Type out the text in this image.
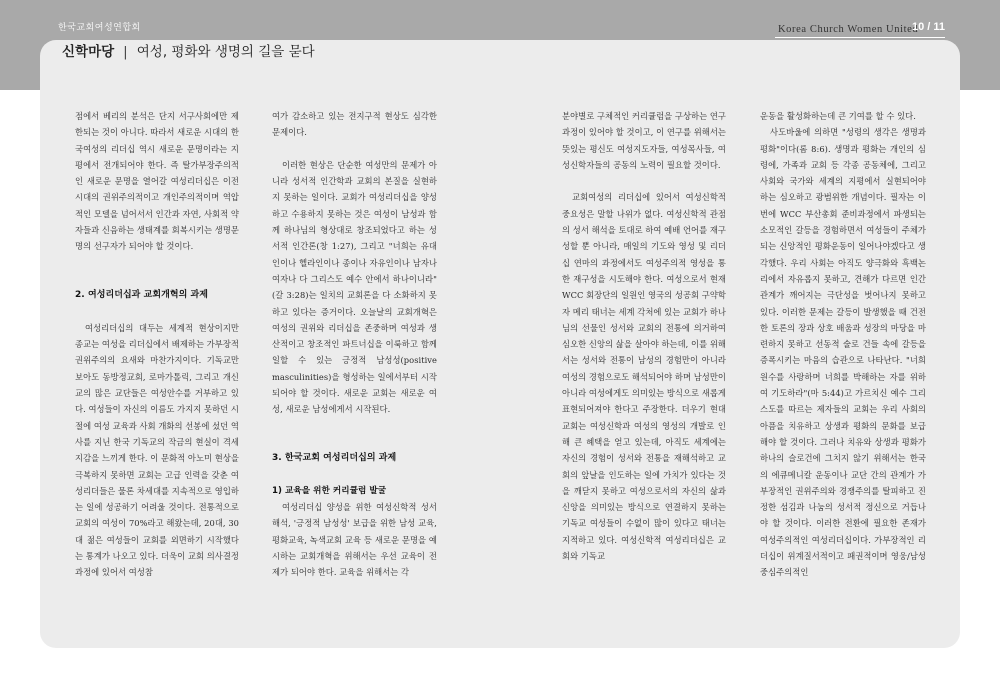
한국교회여성연합회	Korea Church Women United
10 / 11
신학마당 | 여성, 평화와 생명의 길을 묻다

점에서 베리의 분석은 단지 서구사회에만 제한되는 것이 아니다. 따라서 새로운 시대의 한국여성의 리더십 역시 새로운 문명이라는 지평에서 전개되어야 한다. 즉 탈가부장주의적인 새로운 문명을 열어갈 여성리더십은 이전 시대의 권위주의적이고 개인주의적이며 역압적인 모델을 넘어서서 인간과 자연, 사회적 약자들과 신음하는 생태계를 회복시키는 생명문명의 선구자가 되어야 할 것이다.

2. 여성리더십과 교회개혁의 과제

여성리더십의 대두는 세계적 현상이지만 종교는 여성을 리더십에서 배제하는 가부장적 권위주의의 요새와 마찬가지이다. 기독교만 보아도 동방정교회, 로마가톨릭, 그리고 개신교의 많은 교단들은 여성안수를 거부하고 있다. 여성들이 자신의 이름도 가지지 못하던 시절에 여성 교육과 사회 개화의 선봉에 섰던 역사를 지닌 한국 기독교의 작금의 현실이 격세지감을 느끼게 한다. 이 문화적 아노미 현상을 극복하지 못하면 교회는 고급 인력을 갖춘 여성리더들은 물론 차세대를 지속적으로 영입하는 일에 성공하기 어려울 것이다. 전통적으로 교회의 여성이 70%라고 해왔는데, 20대, 30대 젊은 여성들이 교회를 외면하기 시작했다는 통계가 나오고 있다. 더욱이 교회 의사결정 과정에 있어서 여성참

여가 감소하고 있는 전지구적 현상도 심각한 문제이다.

이러한 현상은 단순한 여성만의 문제가 아니라 성서적 인간학과 교회의 본질을 실현하지 못하는 일이다. 교회가 여성리더십을 양성하고 수용하지 못하는 것은 여성이 남성과 함께 하나님의 형상대로 창조되었다고 하는 성서적 인간론(창 1:27), 그리고 "너희는 유대인이나 헬라인이나 종이나 자유인이나 남자나 여자나 다 그리스도 예수 안에서 하나이니라"(갈 3:28)는 일치의 교회론을 다 소화하지 못하고 있다는 증거이다. 오늘날의 교회개혁은 여성의 권위와 리더십을 존중하며 여성과 생산적이고 창조적인 파트너십을 이룩하고 함께 일할 수 있는 긍정적 남성성(positive masculinities)을 형성하는 일에서부터 시작되어야 할 것이다. 새로운 교회는 새로운 여성, 새로운 남성에게서 시작된다.

3. 한국교회 여성리더십의 과제

1) 교육을 위한 커리큘럼 발굴

여성리더십 양성을 위한 여성신학적 성서해석, '긍정적 남성성' 보급을 위한 남성 교육, 평화교육, 녹색교회 교육 등 새로운 문명을 예시하는 교회개혁을 위해서는 우선 교육이 전제가 되어야 한다. 교육을 위해서는 각

분야별로 구체적인 커리큘럼을 구상하는 연구 과정이 있어야 할 것이고, 이 연구를 위해서는 뜻있는 평신도 여성지도자들, 여성목사들, 여성신학자들의 공동의 노력이 필요할 것이다.

교회여성의 리더십에 있어서 여성신학적 중요성은 말할 나위가 없다. 여성신학적 관점의 성서 해석을 토대로 하여 예배 언어를 재구성할 뿐 아니라, 매일의 기도와 영성 및 리더십 연마의 과정에서도 여성주의적 영성을 통한 재구성을 시도해야 한다. 여성으로서 현재 WCC 회장단의 일원인 영국의 성공회 구약학자 메리 태너는 세계 각처에 있는 교회가 하나님의 선물인 성서와 교회의 전통에 의거하여 심오한 신앙의 삶을 살아야 하는데, 이를 위해서는 성서와 전통이 남성의 경험만이 아니라 여성의 경험으로도 해석되어야 하며 남성만이 아니라 여성에게도 의미있는 방식으로 새롭게 표현되어져야 한다고 주장한다. 더우기 현대 교회는 여성신학과 여성의 영성의 개발로 인해 큰 혜택을 얻고 있는데, 아직도 세계에는 자신의 경험이 성서와 전통을 재해석하고 교회의 앞날을 인도하는 일에 가치가 있다는 것을 깨닫지 못하고 여성으로서의 자신의 삶과 신앙을 의미있는 방식으로 연결하지 못하는 기독교 여성들이 수없이 많이 있다고 태너는 지적하고 있다. 여성신학적 여성리더십은 교회와 기독교

운동을 활성화하는데 큰 기여를 할 수 있다.

사도바울에 의하면 "성령의 생각은 생명과 평화"이다(롬 8:6). 생명과 평화는 개인의 심령에, 가족과 교회 등 각종 공동체에, 그리고 사회와 국가와 세계의 지평에서 실현되어야 하는 심오하고 광범위한 개념이다. 필자는 이번에 WCC 부산총회 준비과정에서 파생되는 소모적인 갈등을 경험하면서 여성들이 주체가 되는 신앙적인 평화운동이 일어나야겠다고 생각했다. 우리 사회는 아직도 양극화와 흑백논리에서 자유롭지 못하고, 견해가 다르면 인간관계가 깨어지는 극단성을 벗어나지 못하고 있다. 이러한 문제는 갈등이 발생했을 때 건전한 토론의 장과 상호 배움과 성장의 마당을 마련하지 못하고 선동적 술로 건들 속에 갈등을 증폭시키는 마음의 습관으로 나타난다. "너희 원수를 사랑하며 너희를 박해하는 자를 위하여 기도하라"(마 5:44)고 가르치신 예수 그리스도를 따르는 제자들의 교회는 우리 사회의 아픔을 치유하고 상생과 평화의 문화를 보급해야 할 것이다. 그러나 치유와 상생과 평화가 하나의 슬로건에 그치지 않기 위해서는 한국의 에큐메니칼 운동이나 교단 간의 관계가 가부장적인 권위주의와 경쟁주의를 탈피하고 진정한 섬김과 나눔의 성서적 정신으로 거듭나야 할 것이다. 이러한 전환에 필요한 존재가 여성주의적인 여성리더십이다. 가부장적인 리더십이 위계질서적이고 패권적이며 영웅/남성중심주의적인
